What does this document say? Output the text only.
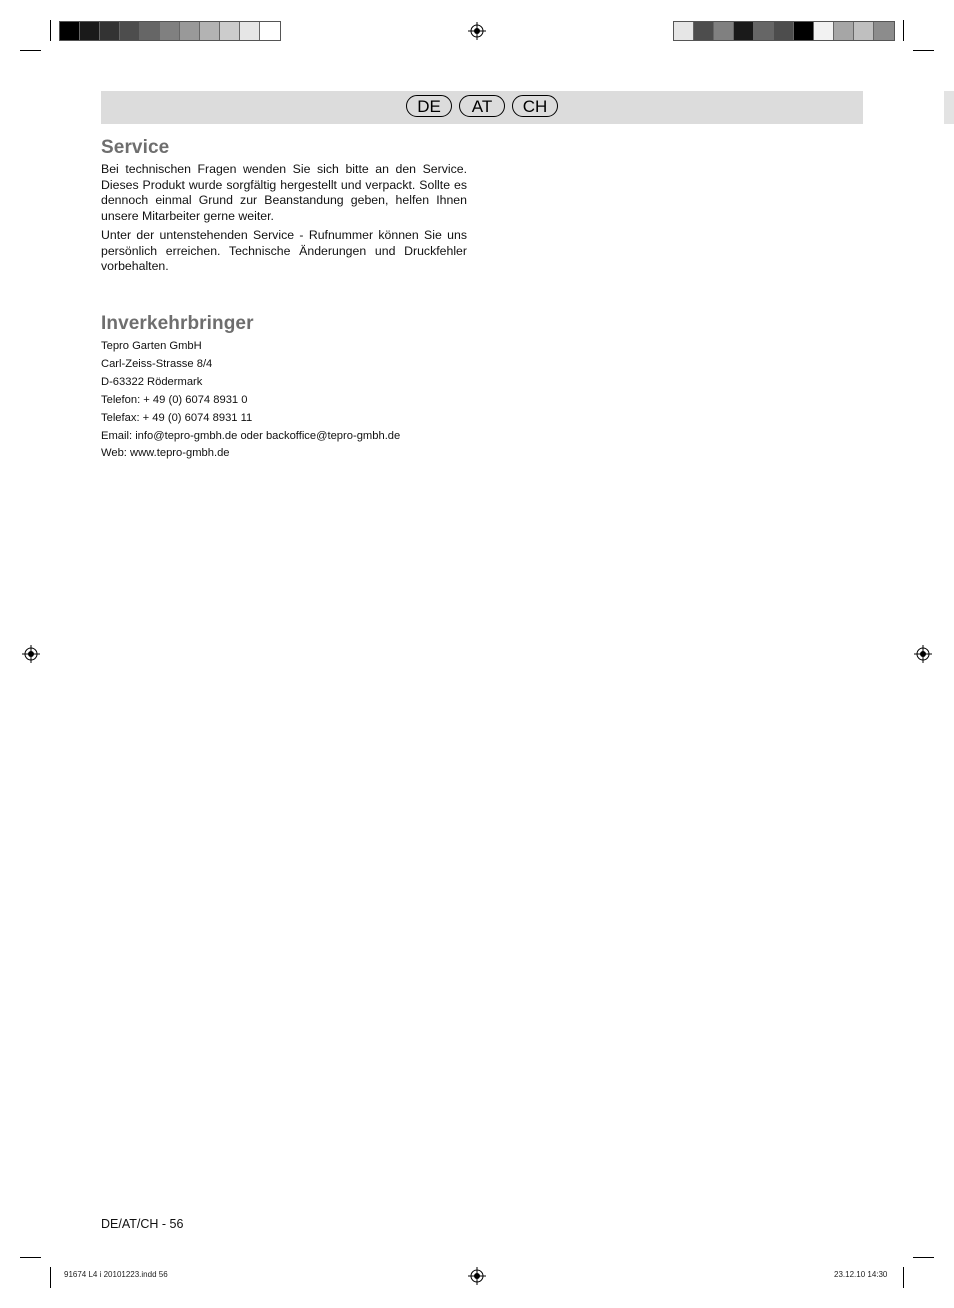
DE	AT	CH
Service

Bei technischen Fragen wenden Sie sich bitte an den Service. Dieses Produkt wurde sorgfältig hergestellt und verpackt. Sollte es dennoch einmal Grund zur Beanstandung geben, helfen Ihnen unsere Mitarbeiter gerne weiter.

Unter der untenstehenden Service - Rufnummer können Sie uns persönlich erreichen. Technische Änderungen und Druckfehler vorbehalten.

Inverkehrbringer
Tepro Garten GmbH
Carl-Zeiss-Strasse 8/4
D-63322 Rödermark
Telefon: + 49 (0) 6074 8931 0
Telefax: + 49 (0) 6074 8931 11
Email: info@tepro-gmbh.de oder backoffice@tepro-gmbh.de
Web: www.tepro-gmbh.de
DE/AT/CH - 56
91674 L4 i 20101223.indd 56	23.12.10 14:30
